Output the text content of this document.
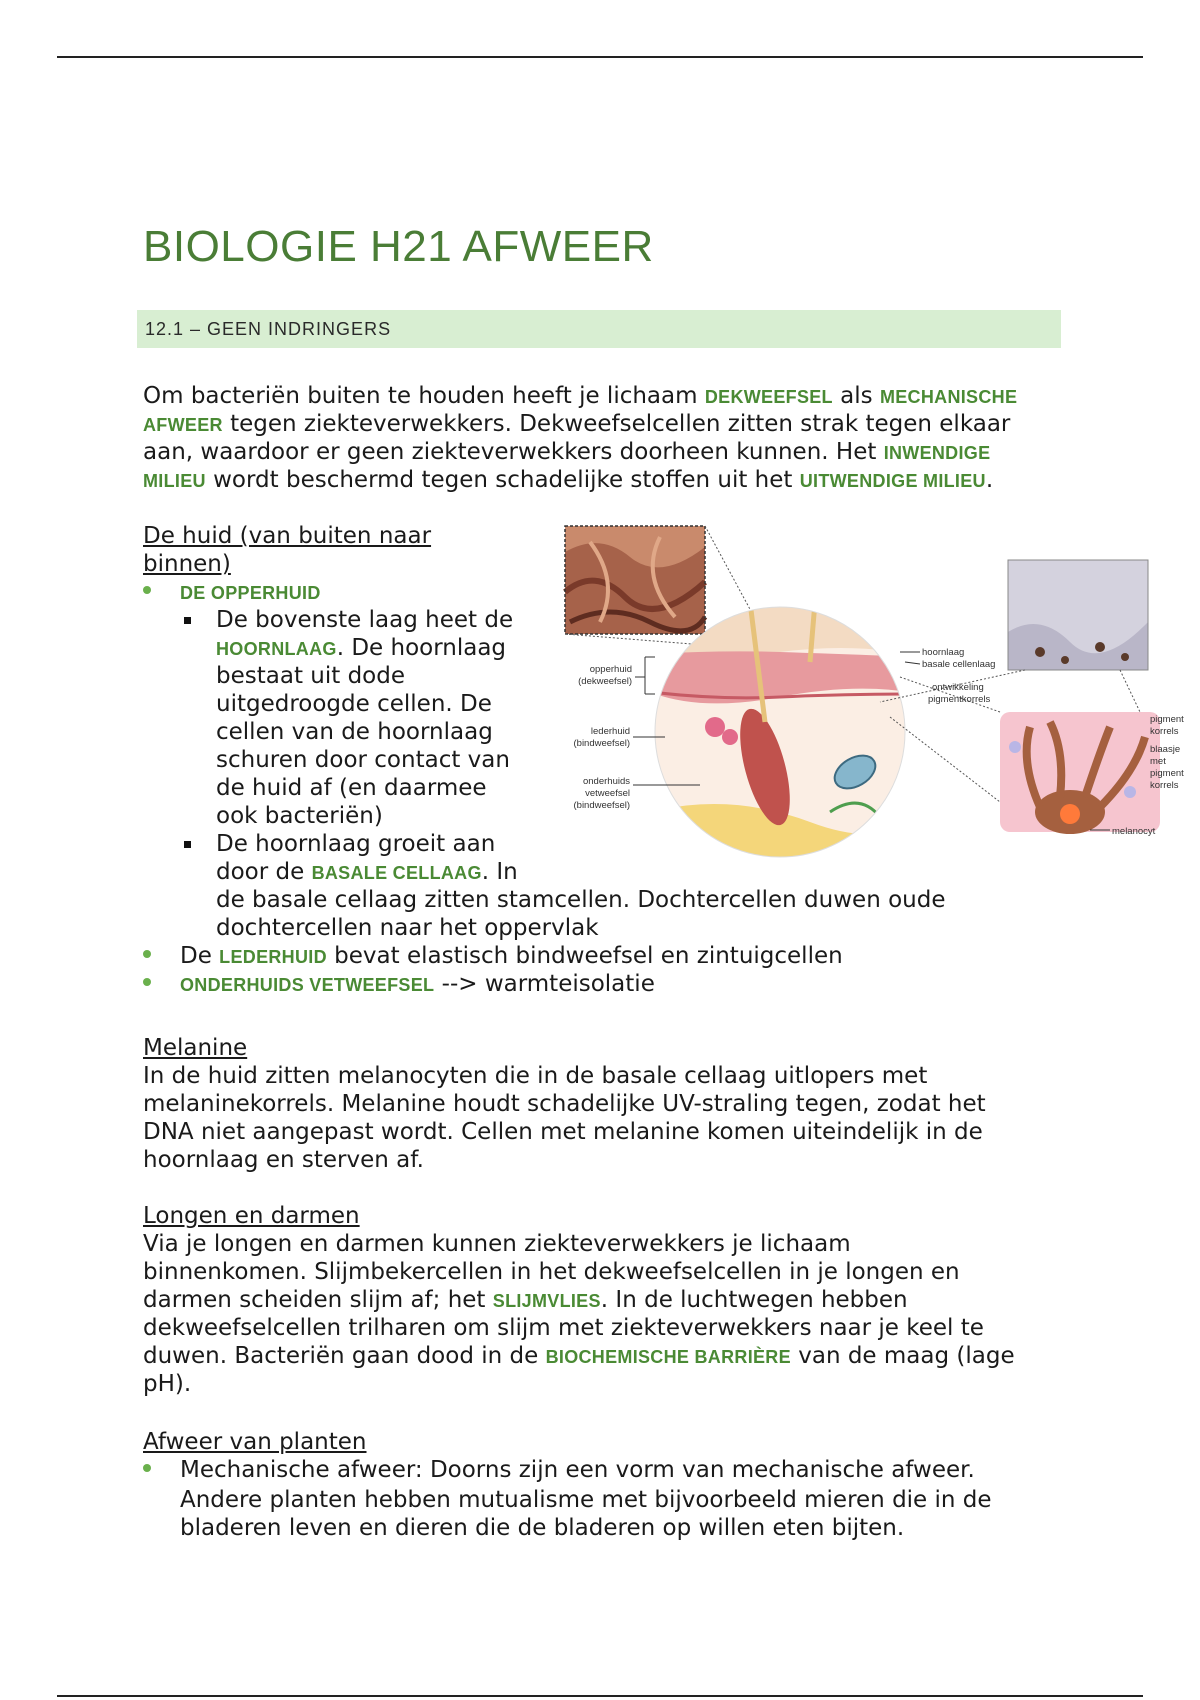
BIOLOGIE H21 AFWEER
12.1 – GEEN INDRINGERS
Om bacteriën buiten te houden heeft je lichaam DEKWEEFSEL als MECHANISCHE
AFWEER tegen ziekteverwekkers. Dekweefselcellen zitten strak tegen elkaar
aan, waardoor er geen ziekteverwekkers doorheen kunnen. Het INWENDIGE
MILIEU wordt beschermd tegen schadelijke stoffen uit het UITWENDIGE MILIEU.
De huid (van buiten naar
binnen)
DE OPPERHUID
De bovenste laag heet de
HOORNLAAG. De hoornlaag
bestaat uit dode
uitgedroogde cellen. De
cellen van de hoornlaag
schuren door contact van
de huid af (en daarmee
ook bacteriën)
De hoornlaag groeit aan
door de BASALE CELLAAG. In
de basale cellaag zitten stamcellen. Dochtercellen duwen oude
dochtercellen naar het oppervlak
De LEDERHUID bevat elastisch bindweefsel en zintuigcellen
ONDERHUIDS VETWEEFSEL --> warmteisolatie
hoornlaag
basale cellenlaag
opperhuid
(dekweefsel)
ontwikkeling
pigmentkorrels
lederhuid
(bindweefsel)
onderhuids
vetweefsel
(bindweefsel)
pigment
korrels
blaasje
met
pigment
korrels
melanocyt
Melanine
In de huid zitten melanocyten die in de basale cellaag uitlopers met
melaninekorrels. Melanine houdt schadelijke UV-straling tegen, zodat het
DNA niet aangepast wordt. Cellen met melanine komen uiteindelijk in de
hoornlaag en sterven af.
Longen en darmen
Via je longen en darmen kunnen ziekteverwekkers je lichaam
binnenkomen. Slijmbekercellen in het dekweefselcellen in je longen en
darmen scheiden slijm af; het SLIJMVLIES. In de luchtwegen hebben
dekweefselcellen trilharen om slijm met ziekteverwekkers naar je keel te
duwen. Bacteriën gaan dood in de BIOCHEMISCHE BARRIÈRE van de maag (lage
pH).
Afweer van planten
Mechanische afweer: Doorns zijn een vorm van mechanische afweer.
Andere planten hebben mutualisme met bijvoorbeeld mieren die in de
bladeren leven en dieren die de bladeren op willen eten bijten.
